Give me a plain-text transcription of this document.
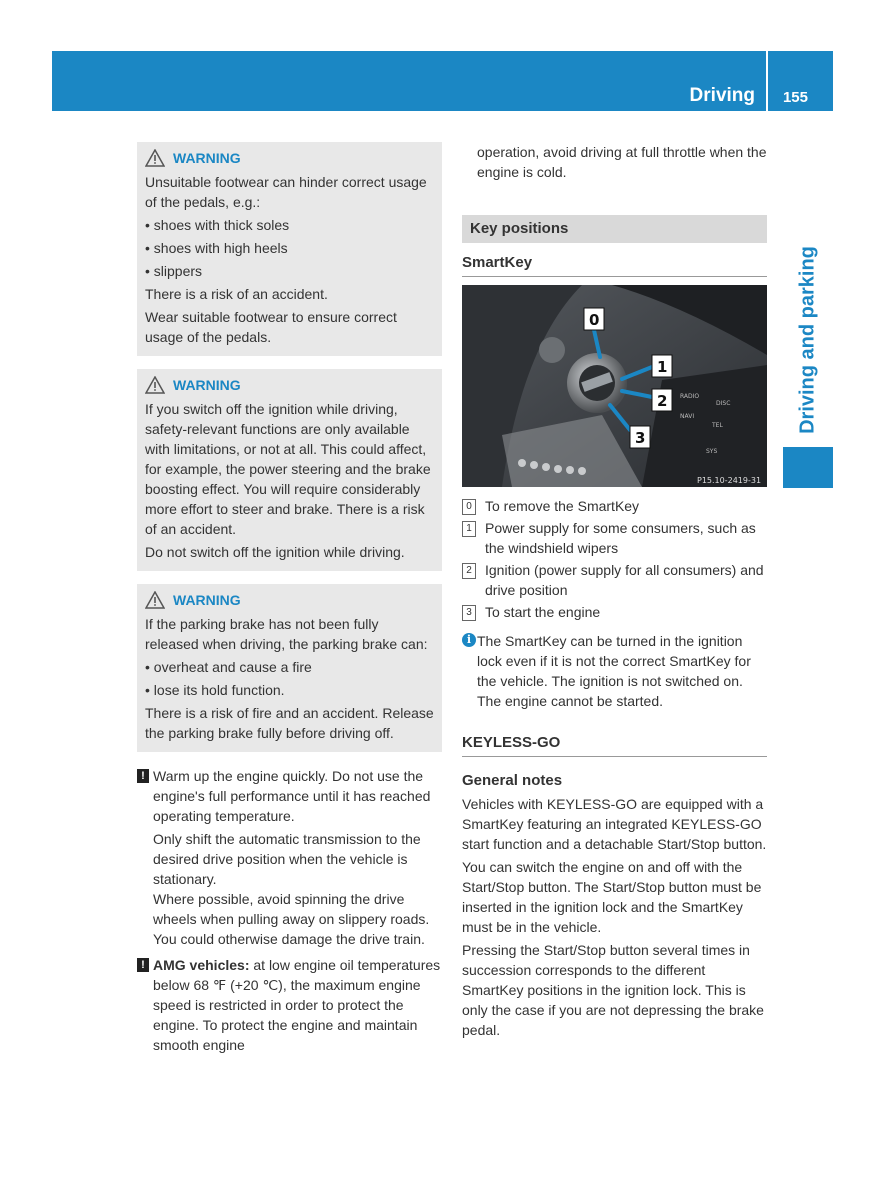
Driving 155
Driving and parking
WARNING

Unsuitable footwear can hinder correct usage of the pedals, e.g.:

• shoes with thick soles
• shoes with high heels
• slippers

There is a risk of an accident.

Wear suitable footwear to ensure correct usage of the pedals.

WARNING

If you switch off the ignition while driving, safety-relevant functions are only available with limitations, or not at all. This could affect, for example, the power steering and the brake boosting effect. You will require considerably more effort to steer and brake. There is a risk of an accident.

Do not switch off the ignition while driving.

WARNING

If the parking brake has not been fully released when driving, the parking brake can:

• overheat and cause a fire
• lose its hold function.

There is a risk of fire and an accident. Release the parking brake fully before driving off.

! Warm up the engine quickly. Do not use the engine's full performance until it has reached operating temperature.

Only shift the automatic transmission to the desired drive position when the vehicle is stationary.

Where possible, avoid spinning the drive wheels when pulling away on slippery roads. You could otherwise damage the drive train.

! AMG vehicles: at low engine oil temperatures below 68 ℉ (+20 ℃), the maximum engine speed is restricted in order to protect the engine. To protect the engine and maintain smooth engine

operation, avoid driving at full throttle when the engine is cold.

Key positions
SmartKey
RADIO
DISC
NAVI
TEL
SYS
0
1
2
3
P15.10-2419-31
0 To remove the SmartKey
1 Power supply for some consumers, such as the windshield wipers
2 Ignition (power supply for all consumers) and drive position
3 To start the engine
i The SmartKey can be turned in the ignition lock even if it is not the correct SmartKey for the vehicle. The ignition is not switched on. The engine cannot be started.
KEYLESS-GO

General notes

Vehicles with KEYLESS-GO are equipped with a SmartKey featuring an integrated KEYLESS-GO start function and a detachable Start/Stop button.

You can switch the engine on and off with the Start/Stop button. The Start/Stop button must be inserted in the ignition lock and the SmartKey must be in the vehicle.

Pressing the Start/Stop button several times in succession corresponds to the different SmartKey positions in the ignition lock. This is only the case if you are not depressing the brake pedal.
